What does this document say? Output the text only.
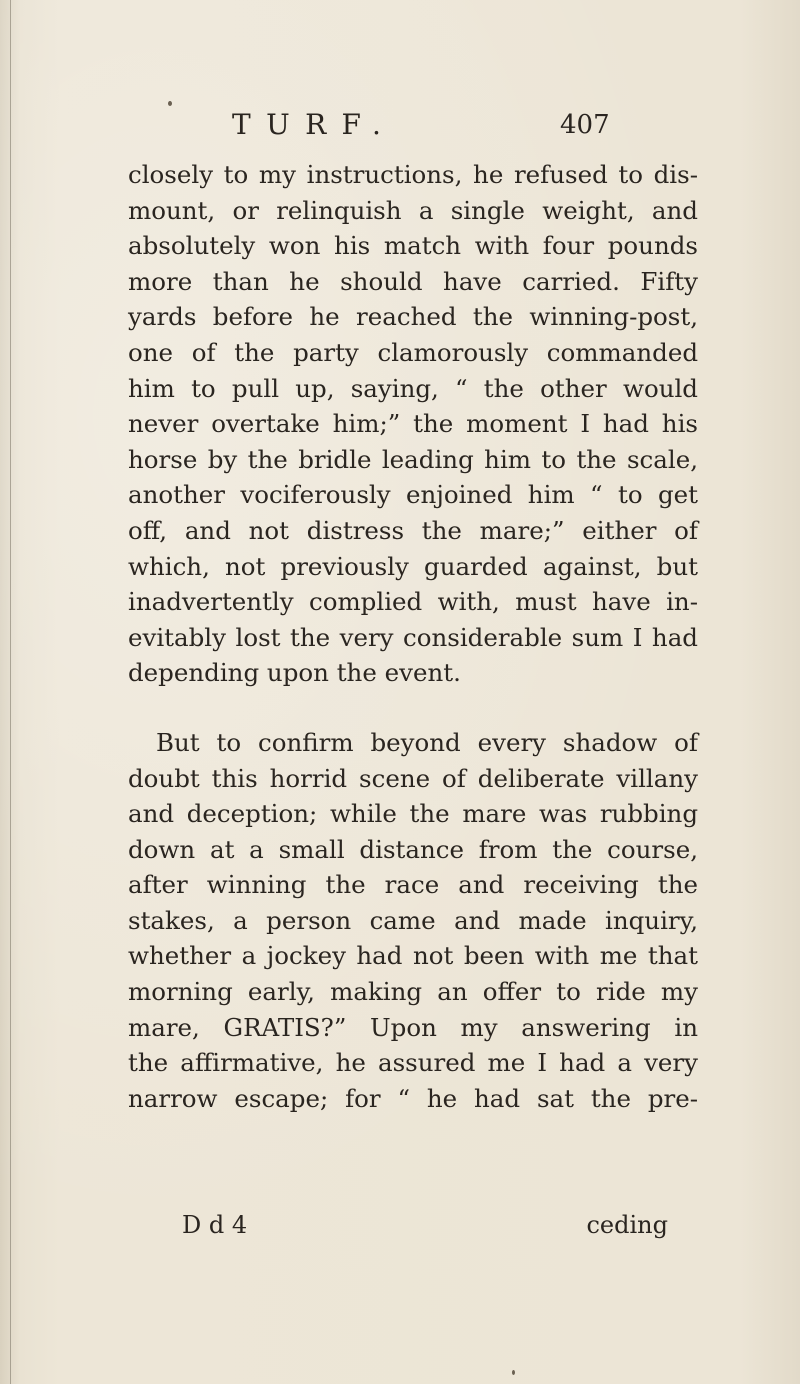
TURF.	407
closely to my instructions, he refused to dis-
mount, or relinquish a single weight, and
absolutely won his match with four pounds
more than he should have carried. Fifty
yards before he reached the winning-post,
one of the party clamorously commanded
him to pull up, saying, “ the other would
never overtake him;” the moment I had his
horse by the bridle leading him to the scale,
another vociferously enjoined him “ to get
off, and not distress the mare;” either of
which, not previously guarded against, but
inadvertently complied with, must have in-
evitably lost the very considerable sum I had
depending upon the event.
But to confirm beyond every shadow of
doubt this horrid scene of deliberate villany
and deception; while the mare was rubbing
down at a small distance from the course,
after winning the race and receiving the
stakes, a person came and made inquiry,
whether a jockey had not been with me that
morning early, making an offer to ride my
mare, GRATIS?” Upon my answering in
the affirmative, he assured me I had a very
narrow escape; for “ he had sat the pre-
D d 4	ceding
